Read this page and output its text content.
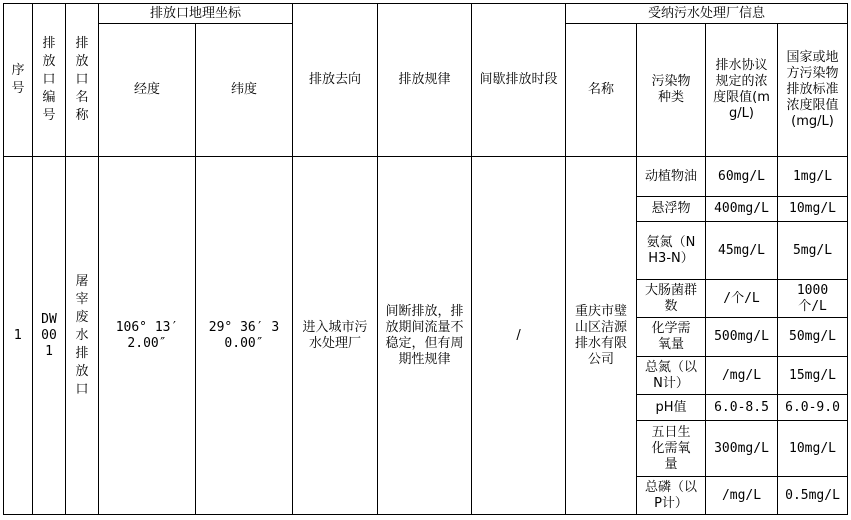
序号	排放口编号	排放口名称	排放口地理坐标		排放去向	排放规律	间歇排放时段	受纳污水处理厂信息			
			经度	纬度				名称	污染物种类	排水协议规定的浓度限值(mg/L)	国家或地方污染物排放标准浓度限值(mg/L)
1	DW001	屠宰废水排放口	106° 13′ 2.00″	29° 36′ 30.00″	进入城市污水处理厂	间断排放，排放期间流量不稳定，但有周期性规律	/	重庆市璧山区洁源排水有限公司	动植物油	60mg/L	1mg/L
									悬浮物	400mg/L	10mg/L
									氨氮（NH3-N）	45mg/L	5mg/L
									大肠菌群数	/个/L	1000 个/L
									化学需氧量	500mg/L	50mg/L
									总氮（以N计）	/mg/L	15mg/L
									pH值	6.0-8.5	6.0-9.0
									五日生化需氧量	300mg/L	10mg/L
									总磷（以P计）	/mg/L	0.5mg/L
